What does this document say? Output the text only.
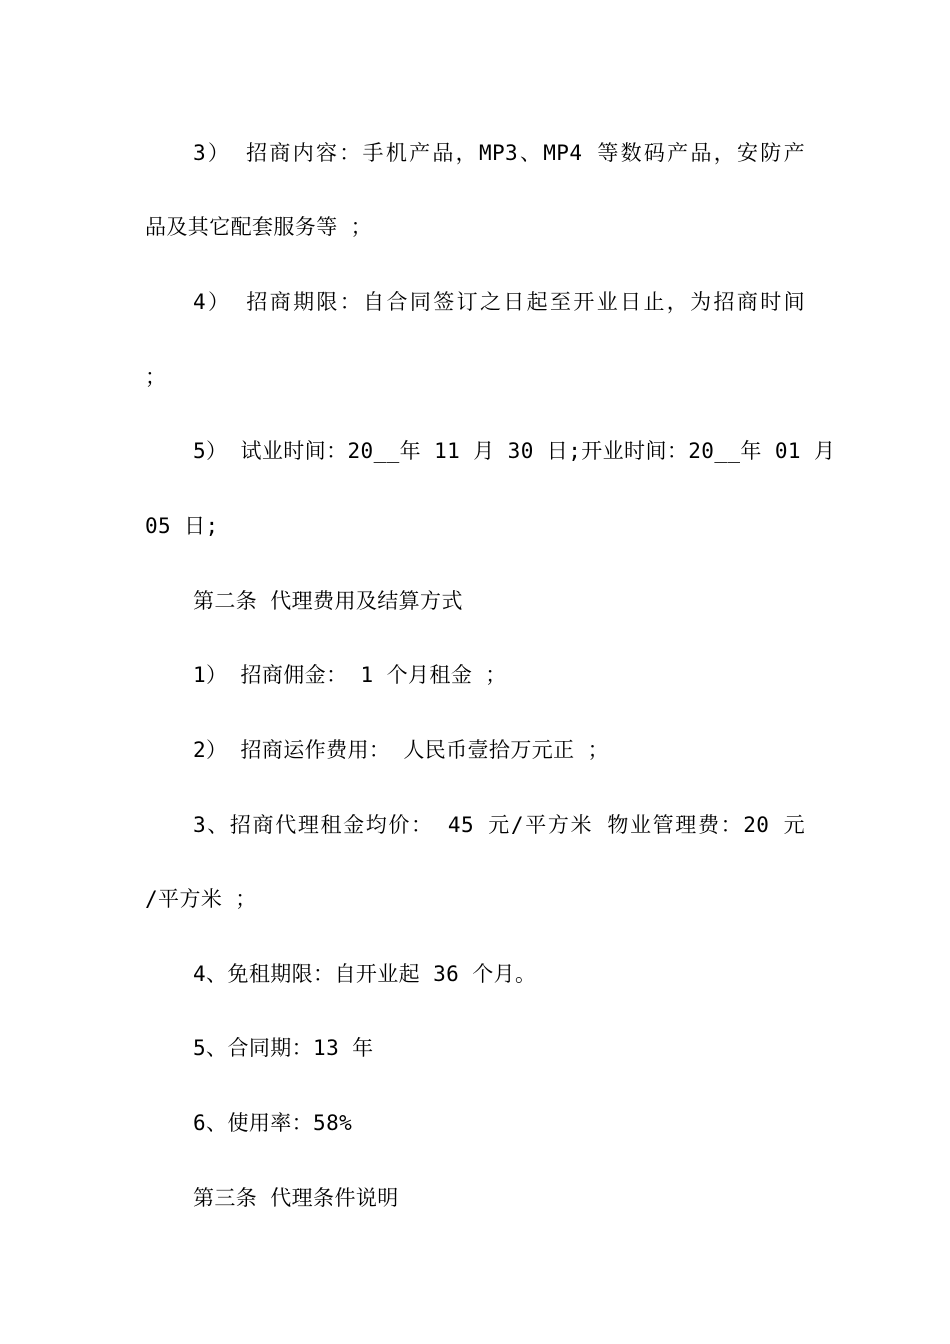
3） 招商内容：手机产品，MP3、MP4 等数码产品，安防产
品及其它配套服务等 ；
4） 招商期限：自合同签订之日起至开业日止，为招商时间
；
5） 试业时间：20__年 11 月 30 日;开业时间：20__年 01 月
05 日;
第二条 代理费用及结算方式
1） 招商佣金： 1 个月租金 ；
2） 招商运作费用： 人民币壹拾万元正 ；
3、招商代理租金均价： 45 元/平方米 物业管理费：20 元
/平方米 ；
4、免租期限：自开业起 36 个月。
5、合同期：13 年
6、使用率：58%
第三条 代理条件说明
